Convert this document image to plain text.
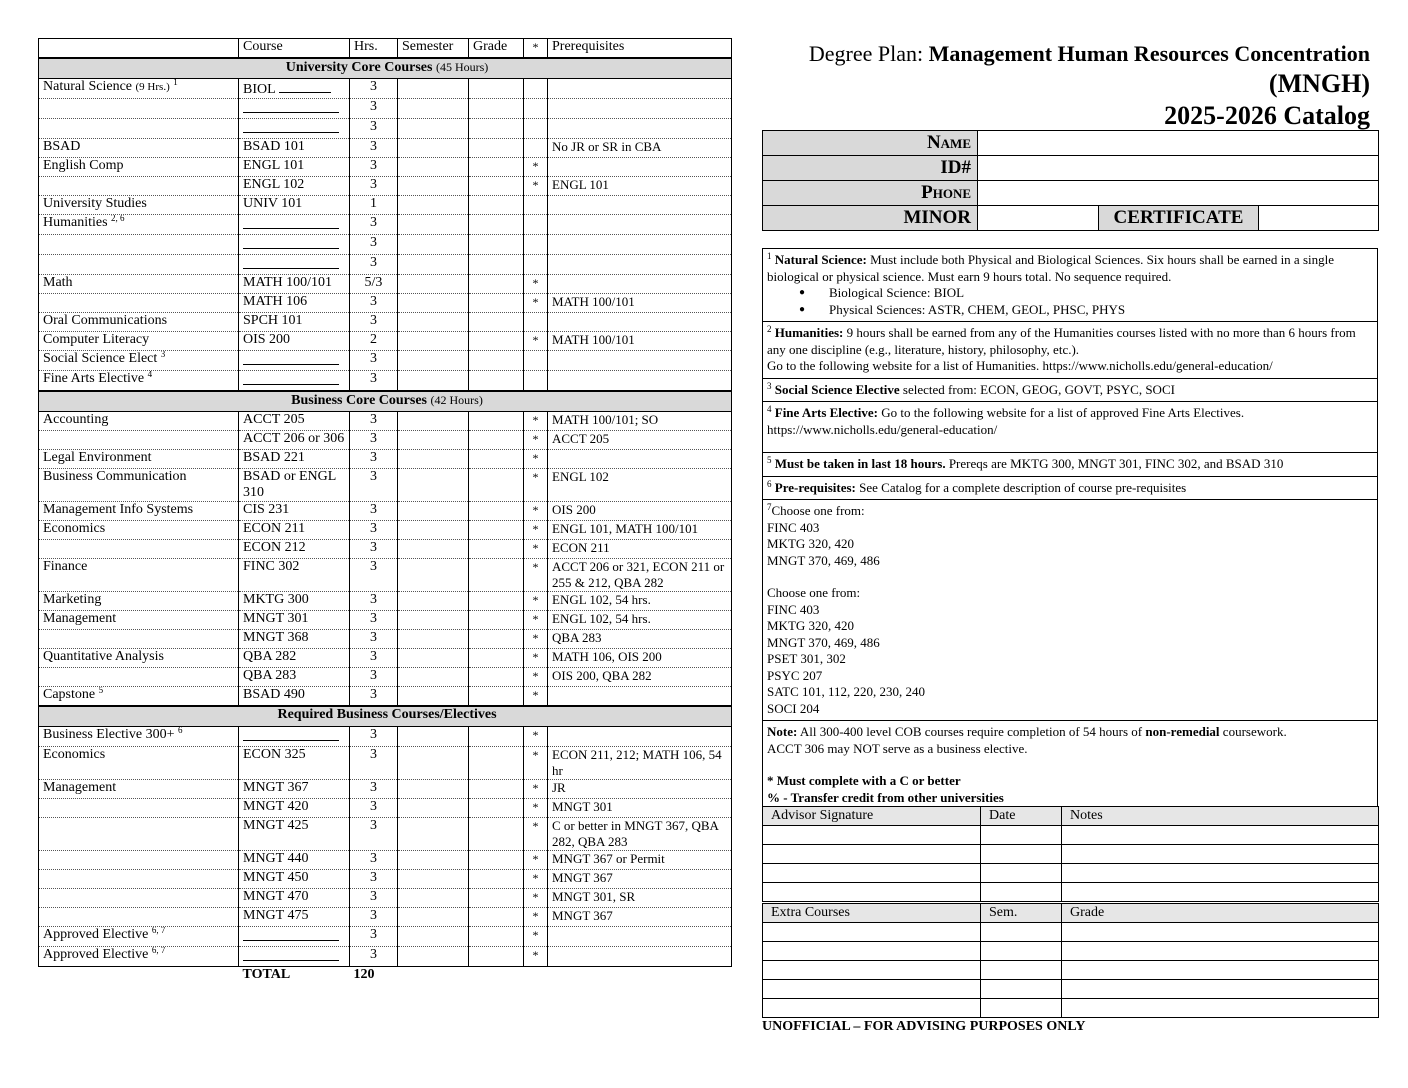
	Course	Hrs.	Semester	Grade	*	Prerequisites
University Core Courses (45 Hours)						
Natural Science (9 Hrs.) $^1$	BIOL	3				
		3				
		3				
BSAD	BSAD 101	3				No JR or SR in CBA
English Comp	ENGL 101	3			*	
	ENGL 102	3			*	ENGL 101
University Studies	UNIV 101	1				
Humanities $^{2, 6}$		3				
		3				
		3				
Math	MATH 100/101	5/3			*	
	MATH 106	3			*	MATH 100/101
Oral Communications	SPCH 101	3				
Computer Literacy	OIS 200	2			*	MATH 100/101
Social Science Elect $^3$		3				
Fine Arts Elective $^4$		3				
Business Core Courses (42 Hours)						
Accounting	ACCT 205	3			*	MATH 100/101; SO
	ACCT 206 or 306	3			*	ACCT 205
Legal Environment	BSAD 221	3			*	
Business Communication	BSAD or ENGL 310	3			*	ENGL 102
Management Info Systems	CIS 231	3			*	OIS 200
Economics	ECON 211	3			*	ENGL 101, MATH 100/101
	ECON 212	3			*	ECON 211
Finance	FINC 302	3			*	ACCT 206 or 321, ECON 211 or 255 & 212, QBA 282
Marketing	MKTG 300	3			*	ENGL 102, 54 hrs.
Management	MNGT 301	3			*	ENGL 102, 54 hrs.
	MNGT 368	3			*	QBA 283
Quantitative Analysis	QBA 282	3			*	MATH 106, OIS 200
	QBA 283	3			*	OIS 200, QBA 282
Capstone $^5$	BSAD 490	3			*	
Required Business Courses/Electives						
Business Elective 300+ $^6$		3			*	
Economics	ECON 325	3			*	ECON 211, 212; MATH 106, 54 hr
Management	MNGT 367	3			*	JR
	MNGT 420	3			*	MNGT 301
	MNGT 425	3			*	C or better in MNGT 367, QBA 282, QBA 283
	MNGT 440	3			*	MNGT 367 or Permit
	MNGT 450	3			*	MNGT 367
	MNGT 470	3			*	MNGT 301, SR
	MNGT 475	3			*	MNGT 367
Approved Elective $^{6, 7}$		3			*	
Approved Elective $^{6, 7}$		3			*	
	TOTAL	120				
Degree Plan: Management Human Resources Concentration
(MNGH)
2025-2026 Catalog
Name			
ID#			
Phone			
MINOR		CERTIFICATE	
$^1$ Natural Science: Must include both Physical and Biological Sciences. Six hours shall be earned in a single biological or physical science. Must earn 9 hours total. No sequence required.
● Biological Science: BIOL
● Physical Sciences: ASTR, CHEM, GEOL, PHSC, PHYS
$^2$ Humanities: 9 hours shall be earned from any of the Humanities courses listed with no more than 6 hours from any one discipline (e.g., literature, history, philosophy, etc.).
Go to the following website for a list of Humanities. https://www.nicholls.edu/general-education/
$^3$ Social Science Elective selected from: ECON, GEOG, GOVT, PSYC, SOCI
$^4$ Fine Arts Elective: Go to the following website for a list of approved Fine Arts Electives.
https://www.nicholls.edu/general-education/
$^5$ Must be taken in last 18 hours. Prereqs are MKTG 300, MNGT 301, FINC 302, and BSAD 310
$^6$ Pre-requisites: See Catalog for a complete description of course pre-requisites
$^7$Choose one from:
FINC 403
MKTG 320, 420
MNGT 370, 469, 486
Choose one from:
FINC 403
MKTG 320, 420
MNGT 370, 469, 486
PSET 301, 302
PSYC 207
SATC 101, 112, 220, 230, 240
SOCI 204
Note: All 300-400 level COB courses require completion of 54 hours of non-remedial coursework.
ACCT 306 may NOT serve as a business elective.
* Must complete with a C or better
% - Transfer credit from other universities
Advisor Signature	Date	Notes

Extra Courses	Sem.	Grade

UNOFFICIAL – FOR ADVISING PURPOSES ONLY
